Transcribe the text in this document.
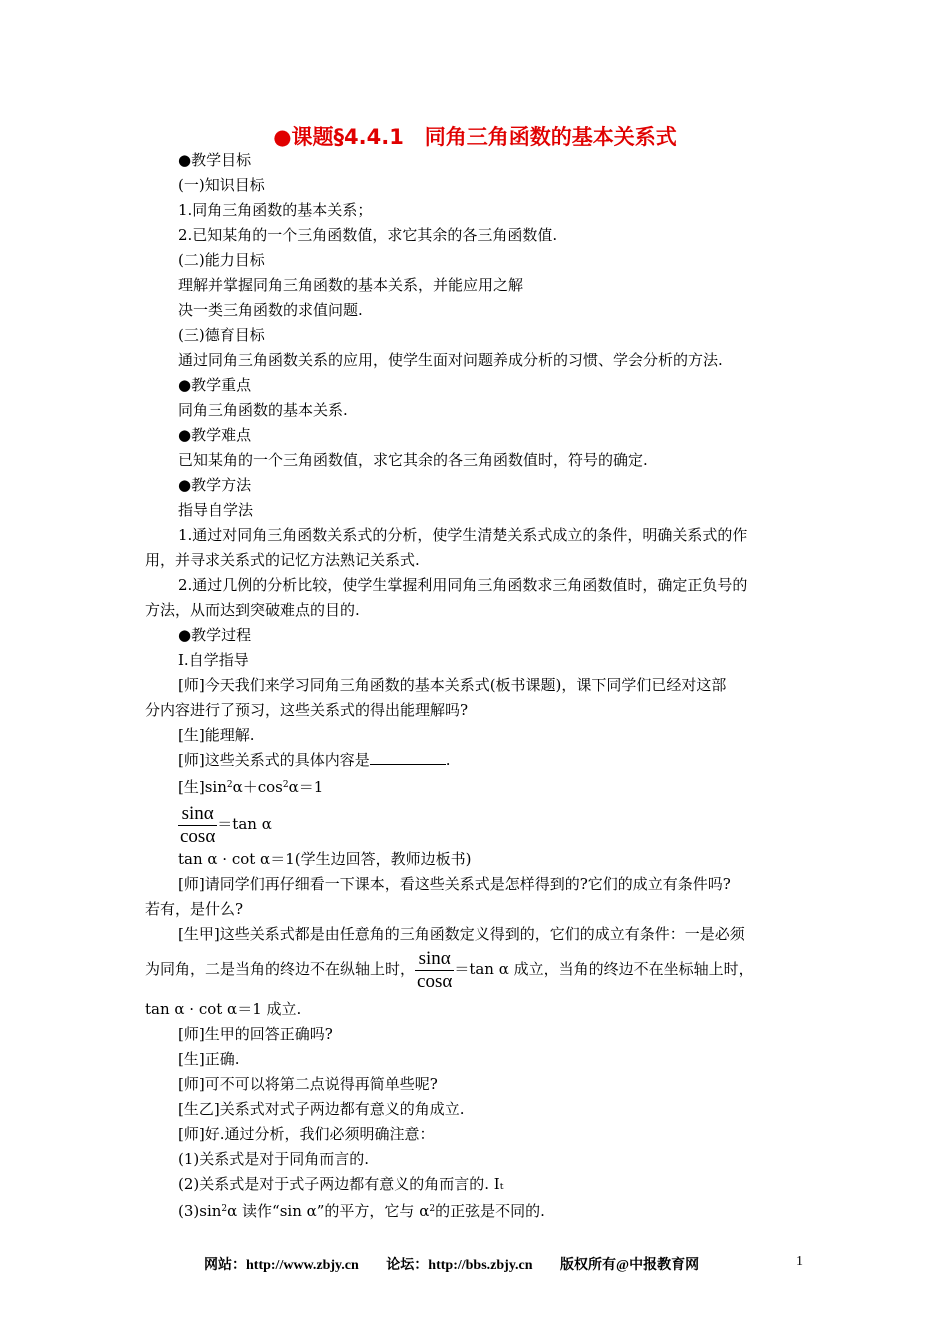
●课题§4.4.1　同角三角函数的基本关系式
●教学目标
(一)知识目标
1.同角三角函数的基本关系；
2.已知某角的一个三角函数值，求它其余的各三角函数值.
(二)能力目标
理解并掌握同角三角函数的基本关系，并能应用之解
决一类三角函数的求值问题.
(三)德育目标
通过同角三角函数关系的应用，使学生面对问题养成分析的习惯、学会分析的方法.
●教学重点
同角三角函数的基本关系.
●教学难点
已知某角的一个三角函数值，求它其余的各三角函数值时，符号的确定.
●教学方法
指导自学法
1.通过对同角三角函数关系式的分析，使学生清楚关系式成立的条件，明确关系式的作
用，并寻求关系式的记忆方法熟记关系式.
2.通过几例的分析比较，使学生掌握利用同角三角函数求三角函数值时，确定正负号的
方法，从而达到突破难点的目的.
●教学过程
Ⅰ.自学指导
[师]今天我们来学习同角三角函数的基本关系式(板书课题)，课下同学们已经对这部
分内容进行了预习，这些关系式的得出能理解吗?
[生]能理解.
[师]这些关系式的具体内容是	.
[生]$\sin^2\alpha+\cos^2\alpha=1$
$\frac{\sin\alpha}{\cos\alpha} =\tan$ α
tan α · cot α＝1(学生边回答，教师边板书)
[师]请同学们再仔细看一下课本，看这些关系式是怎样得到的?它们的成立有条件吗?
若有，是什么?
[生甲]这些关系式都是由任意角的三角函数定义得到的，它们的成立有条件：一是必须
为同角，二是当角的终边不在纵轴上时， $\frac{\sin\alpha}{\cos\alpha} =\tan$ α 成立，当角的终边不在坐标轴上时，
tan α · cot α＝1 成立.
[师]生甲的回答正确吗?
[生]正确.
[师]可不可以将第二点说得再简单些呢?
[生乙]关系式对式子两边都有意义的角成立.
[师]好.通过分析，我们必须明确注意：
(1)关系式是对于同角而言的.
(2)关系式是对于式子两边都有意义的角而言的. Iₜ
$(3)\sin^2\alpha$ 读作“sin α”的平方，它与 $\alpha^2$的正弦是不同的.
网站：http://www.zbjy.cn 论坛：http://bbs.zbjy.cn 版权所有@中报教育网	1
